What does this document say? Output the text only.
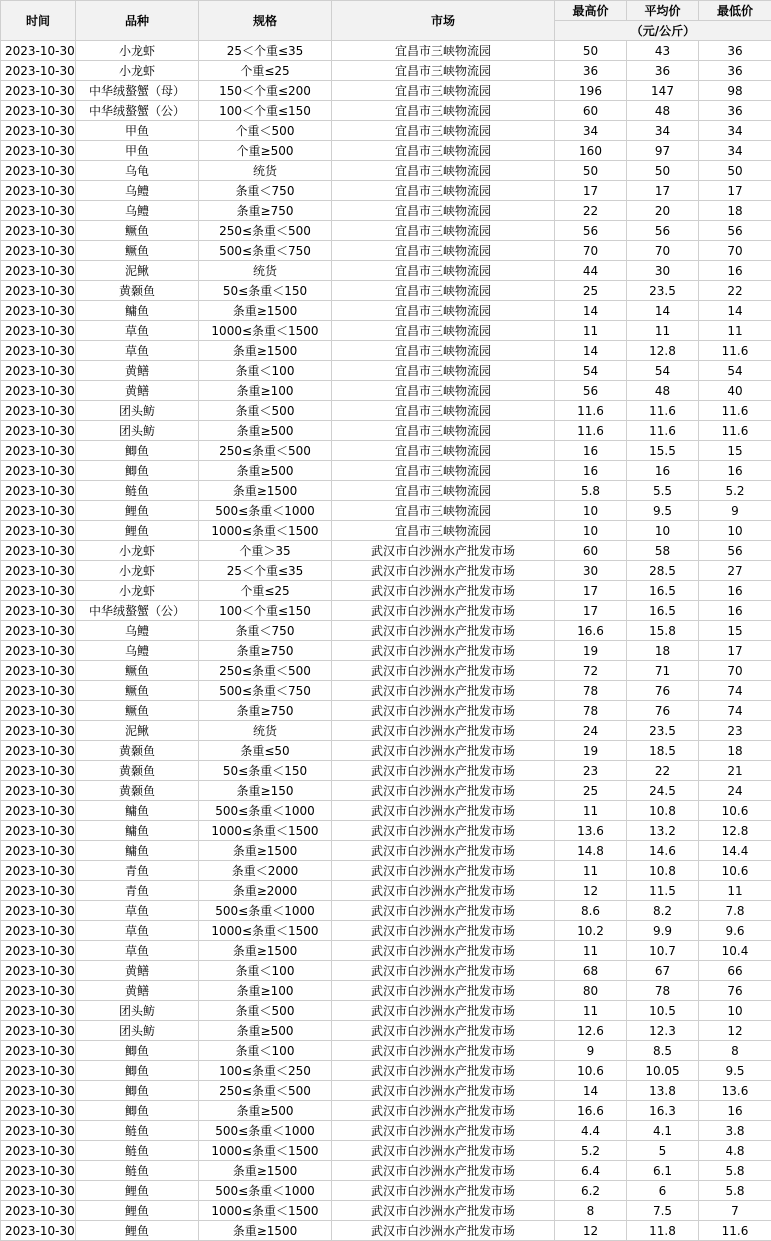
时间	品种	规格	市场	最高价	平均价	最低价
				（元/公斤）		
2023-10-30	小龙虾	25＜个重≤35	宜昌市三峡物流园	50	43	36
2023-10-30	小龙虾	个重≤25	宜昌市三峡物流园	36	36	36
2023-10-30	中华绒螯蟹（母）	150＜个重≤200	宜昌市三峡物流园	196	147	98
2023-10-30	中华绒螯蟹（公）	100＜个重≤150	宜昌市三峡物流园	60	48	36
2023-10-30	甲鱼	个重＜500	宜昌市三峡物流园	34	34	34
2023-10-30	甲鱼	个重≥500	宜昌市三峡物流园	160	97	34
2023-10-30	乌龟	统货	宜昌市三峡物流园	50	50	50
2023-10-30	乌鳢	条重＜750	宜昌市三峡物流园	17	17	17
2023-10-30	乌鳢	条重≥750	宜昌市三峡物流园	22	20	18
2023-10-30	鳜鱼	250≤条重＜500	宜昌市三峡物流园	56	56	56
2023-10-30	鳜鱼	500≤条重＜750	宜昌市三峡物流园	70	70	70
2023-10-30	泥鳅	统货	宜昌市三峡物流园	44	30	16
2023-10-30	黄颡鱼	50≤条重＜150	宜昌市三峡物流园	25	23.5	22
2023-10-30	鳙鱼	条重≥1500	宜昌市三峡物流园	14	14	14
2023-10-30	草鱼	1000≤条重＜1500	宜昌市三峡物流园	11	11	11
2023-10-30	草鱼	条重≥1500	宜昌市三峡物流园	14	12.8	11.6
2023-10-30	黄鳝	条重＜100	宜昌市三峡物流园	54	54	54
2023-10-30	黄鳝	条重≥100	宜昌市三峡物流园	56	48	40
2023-10-30	团头鲂	条重＜500	宜昌市三峡物流园	11.6	11.6	11.6
2023-10-30	团头鲂	条重≥500	宜昌市三峡物流园	11.6	11.6	11.6
2023-10-30	鲫鱼	250≤条重＜500	宜昌市三峡物流园	16	15.5	15
2023-10-30	鲫鱼	条重≥500	宜昌市三峡物流园	16	16	16
2023-10-30	鲢鱼	条重≥1500	宜昌市三峡物流园	5.8	5.5	5.2
2023-10-30	鲤鱼	500≤条重＜1000	宜昌市三峡物流园	10	9.5	9
2023-10-30	鲤鱼	1000≤条重＜1500	宜昌市三峡物流园	10	10	10
2023-10-30	小龙虾	个重＞35	武汉市白沙洲水产批发市场	60	58	56
2023-10-30	小龙虾	25＜个重≤35	武汉市白沙洲水产批发市场	30	28.5	27
2023-10-30	小龙虾	个重≤25	武汉市白沙洲水产批发市场	17	16.5	16
2023-10-30	中华绒螯蟹（公）	100＜个重≤150	武汉市白沙洲水产批发市场	17	16.5	16
2023-10-30	乌鳢	条重＜750	武汉市白沙洲水产批发市场	16.6	15.8	15
2023-10-30	乌鳢	条重≥750	武汉市白沙洲水产批发市场	19	18	17
2023-10-30	鳜鱼	250≤条重＜500	武汉市白沙洲水产批发市场	72	71	70
2023-10-30	鳜鱼	500≤条重＜750	武汉市白沙洲水产批发市场	78	76	74
2023-10-30	鳜鱼	条重≥750	武汉市白沙洲水产批发市场	78	76	74
2023-10-30	泥鳅	统货	武汉市白沙洲水产批发市场	24	23.5	23
2023-10-30	黄颡鱼	条重≤50	武汉市白沙洲水产批发市场	19	18.5	18
2023-10-30	黄颡鱼	50≤条重＜150	武汉市白沙洲水产批发市场	23	22	21
2023-10-30	黄颡鱼	条重≥150	武汉市白沙洲水产批发市场	25	24.5	24
2023-10-30	鳙鱼	500≤条重＜1000	武汉市白沙洲水产批发市场	11	10.8	10.6
2023-10-30	鳙鱼	1000≤条重＜1500	武汉市白沙洲水产批发市场	13.6	13.2	12.8
2023-10-30	鳙鱼	条重≥1500	武汉市白沙洲水产批发市场	14.8	14.6	14.4
2023-10-30	青鱼	条重＜2000	武汉市白沙洲水产批发市场	11	10.8	10.6
2023-10-30	青鱼	条重≥2000	武汉市白沙洲水产批发市场	12	11.5	11
2023-10-30	草鱼	500≤条重＜1000	武汉市白沙洲水产批发市场	8.6	8.2	7.8
2023-10-30	草鱼	1000≤条重＜1500	武汉市白沙洲水产批发市场	10.2	9.9	9.6
2023-10-30	草鱼	条重≥1500	武汉市白沙洲水产批发市场	11	10.7	10.4
2023-10-30	黄鳝	条重＜100	武汉市白沙洲水产批发市场	68	67	66
2023-10-30	黄鳝	条重≥100	武汉市白沙洲水产批发市场	80	78	76
2023-10-30	团头鲂	条重＜500	武汉市白沙洲水产批发市场	11	10.5	10
2023-10-30	团头鲂	条重≥500	武汉市白沙洲水产批发市场	12.6	12.3	12
2023-10-30	鲫鱼	条重＜100	武汉市白沙洲水产批发市场	9	8.5	8
2023-10-30	鲫鱼	100≤条重＜250	武汉市白沙洲水产批发市场	10.6	10.05	9.5
2023-10-30	鲫鱼	250≤条重＜500	武汉市白沙洲水产批发市场	14	13.8	13.6
2023-10-30	鲫鱼	条重≥500	武汉市白沙洲水产批发市场	16.6	16.3	16
2023-10-30	鲢鱼	500≤条重＜1000	武汉市白沙洲水产批发市场	4.4	4.1	3.8
2023-10-30	鲢鱼	1000≤条重＜1500	武汉市白沙洲水产批发市场	5.2	5	4.8
2023-10-30	鲢鱼	条重≥1500	武汉市白沙洲水产批发市场	6.4	6.1	5.8
2023-10-30	鲤鱼	500≤条重＜1000	武汉市白沙洲水产批发市场	6.2	6	5.8
2023-10-30	鲤鱼	1000≤条重＜1500	武汉市白沙洲水产批发市场	8	7.5	7
2023-10-30	鲤鱼	条重≥1500	武汉市白沙洲水产批发市场	12	11.8	11.6
